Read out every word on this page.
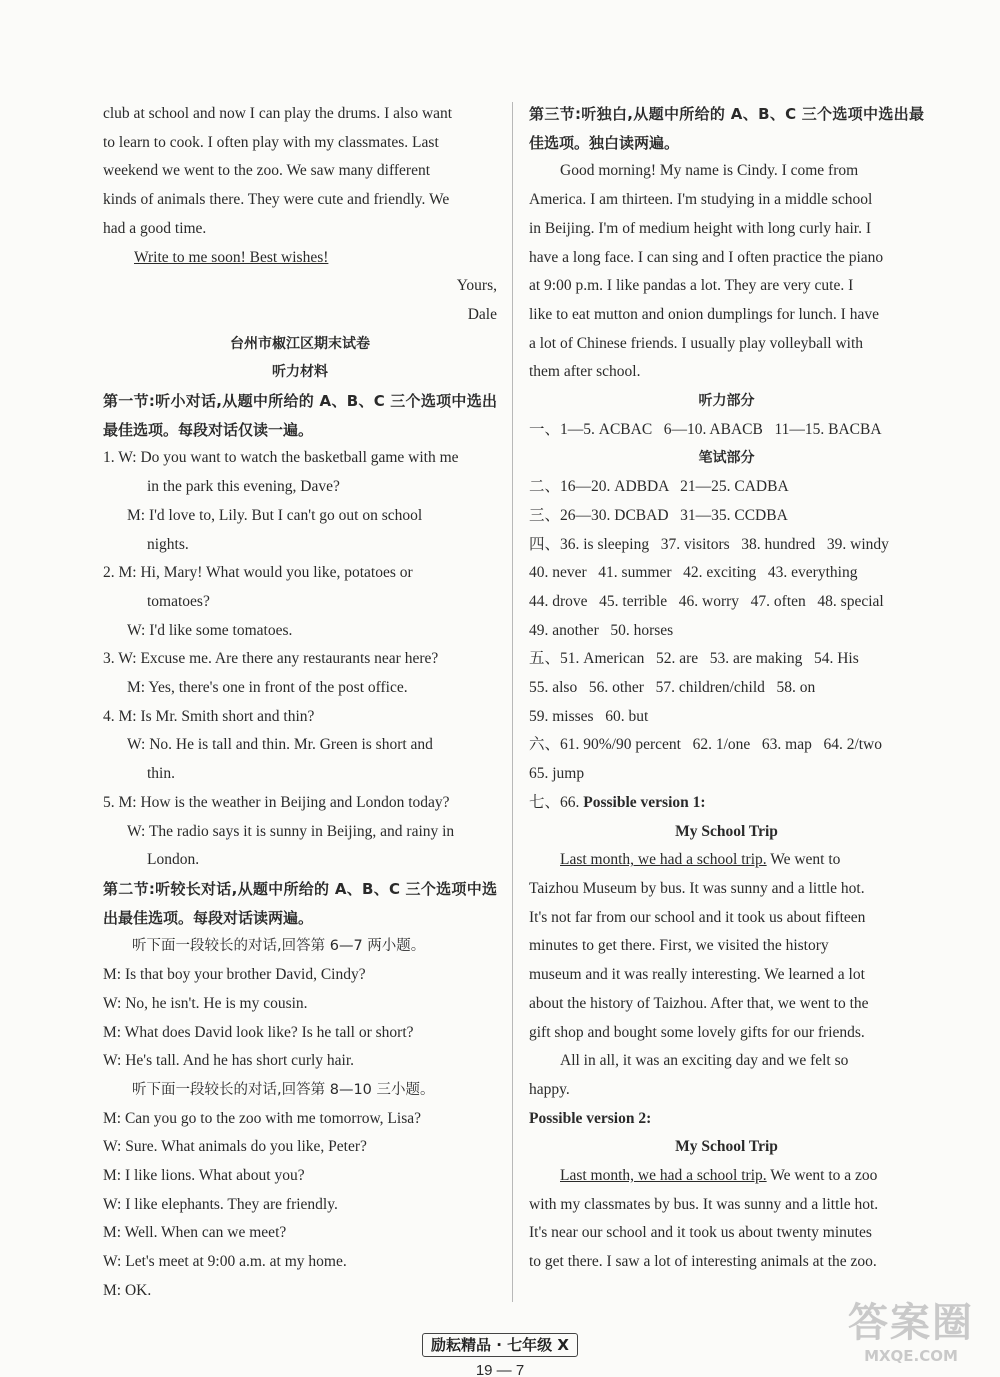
club at school and now I can play the drums. I also want
to learn to cook. I often play with my classmates. Last
weekend we went to the zoo. We saw many different
kinds of animals there. They were cute and friendly. We
had a good time.
Write to me soon! Best wishes!
Yours,
Dale
台州市椒江区期末试卷
听力材料
第一节:听小对话,从题中所给的 A、B、C 三个选项中选出最佳选项。每段对话仅读一遍。
1. W: Do you want to watch the basketball game with me
in the park this evening, Dave?
M: I'd love to, Lily. But I can't go out on school
nights.
2. M: Hi, Mary! What would you like, potatoes or
tomatoes?
W: I'd like some tomatoes.
3. W: Excuse me. Are there any restaurants near here?
M: Yes, there's one in front of the post office.
4. M: Is Mr. Smith short and thin?
W: No. He is tall and thin. Mr. Green is short and
thin.
5. M: How is the weather in Beijing and London today?
W: The radio says it is sunny in Beijing, and rainy in
London.
第二节:听较长对话,从题中所给的 A、B、C 三个选项中选出最佳选项。每段对话读两遍。
听下面一段较长的对话,回答第 6—7 两小题。
M: Is that boy your brother David, Cindy?
W: No, he isn't. He is my cousin.
M: What does David look like? Is he tall or short?
W: He's tall. And he has short curly hair.
听下面一段较长的对话,回答第 8—10 三小题。
M: Can you go to the zoo with me tomorrow, Lisa?
W: Sure. What animals do you like, Peter?
M: I like lions. What about you?
W: I like elephants. They are friendly.
M: Well. When can we meet?
W: Let's meet at 9:00 a.m. at my home.
M: OK.
第三节:听独白,从题中所给的 A、B、C 三个选项中选出最佳选项。独白读两遍。
Good morning! My name is Cindy. I come from
America. I am thirteen. I'm studying in a middle school
in Beijing. I'm of medium height with long curly hair. I
have a long face. I can sing and I often practice the piano
at 9:00 p.m. I like pandas a lot. They are very cute. I
like to eat mutton and onion dumplings for lunch. I have
a lot of Chinese friends. I usually play volleyball with
them after school.
听力部分
一、1—5. ACBAC   6—10. ABACB   11—15. BACBA
笔试部分
二、16—20. ADBDA   21—25. CADBA
三、26—30. DCBAD   31—35. CCDBA
四、36. is sleeping   37. visitors   38. hundred   39. windy
40. never   41. summer   42. exciting   43. everything
44. drove   45. terrible   46. worry   47. often   48. special
49. another   50. horses
五、51. American   52. are   53. are making   54. His
55. also   56. other   57. children/child   58. on
59. misses   60. but
六、61. 90%/90 percent   62. 1/one   63. map   64. 2/two
65. jump
七、66. Possible version 1:
My School Trip
Last month, we had a school trip. We went to
Taizhou Museum by bus. It was sunny and a little hot.
It's not far from our school and it took us about fifteen
minutes to get there. First, we visited the history
museum and it was really interesting. We learned a lot
about the history of Taizhou. After that, we went to the
gift shop and bought some lovely gifts for our friends.
All in all, it was an exciting day and we felt so
happy.
Possible version 2:
My School Trip
Last month, we had a school trip. We went to a zoo
with my classmates by bus. It was sunny and a little hot.
It's near our school and it took us about twenty minutes
to get there. I saw a lot of interesting animals at the zoo.
励耘精品 · 七年级 X
19 — 7
答案圈
MXQE.COM
